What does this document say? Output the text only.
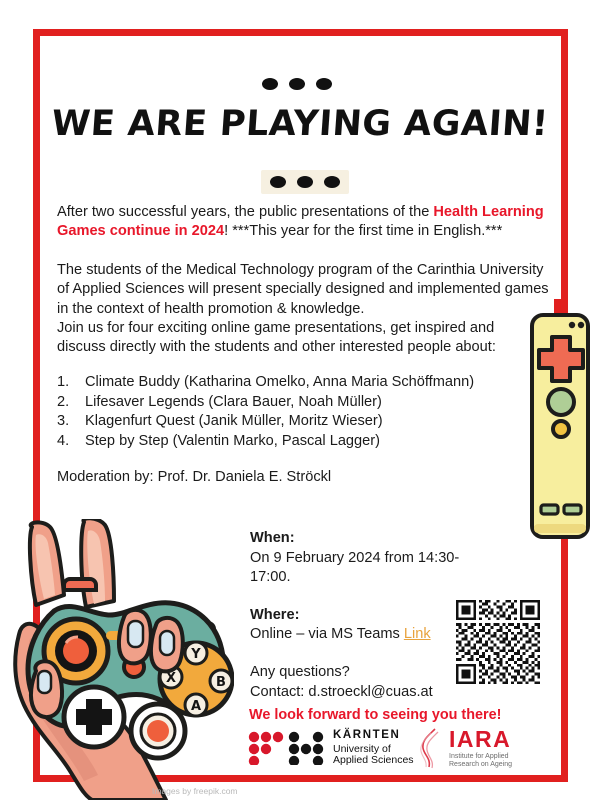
WE ARE PLAYING AGAIN!

After two successful years, the public presentations of the Health Learning Games continue in 2024! ***This year for the first time in English.***

The students of the Medical Technology program of the Carinthia University
of Applied Sciences will present specially designed and implemented games
in the context of health promotion & knowledge.
Join us for four exciting online game presentations, get inspired and
discuss directly with the students and other interested people about:

1.	Climate Buddy (Katharina Omelko, Anna Maria Schöffmann)
2.	Lifesaver Legends (Clara Bauer, Noah Müller)
3.	Klagenfurt Quest (Janik Müller, Moritz Wieser)
4.	Step by Step (Valentin Marko, Pascal Lagger)
Moderation by: Prof. Dr. Daniela E. Ströckl
When:
On 9 February 2024 from 14:30-17:00.
Where:
Online – via MS Teams Link
Any questions?
Contact: d.stroeckl@cuas.at
We look forward to seeing you there!
KÄRNTEN
University of
Applied Sciences
IARA
Institute for Applied
Research on Ageing
Y
X	B
A
Images by freepik.com
